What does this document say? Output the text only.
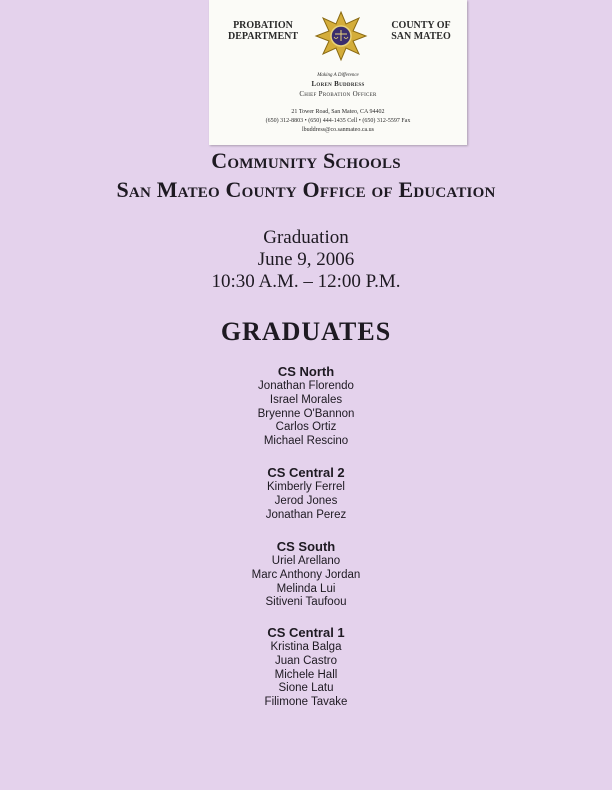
PROBATION
DEPARTMENT
COUNTY OF
SAN MATEO
Making A Difference
Loren Buddress
Chief Probation Officer
21 Tower Road, San Mateo, CA 94402
(650) 312-8803 • (650) 444-1435 Cell • (650) 312-5597 Fax
lbuddress@co.sanmateo.ca.us
Community Schools
San Mateo County Office of Education
Graduation
June 9, 2006
10:30 A.M. – 12:00 P.M.
GRADUATES
CS North
Jonathan Florendo
Israel Morales
Bryenne O'Bannon
Carlos Ortiz
Michael Rescino
CS Central 2
Kimberly Ferrel
Jerod Jones
Jonathan Perez
CS South
Uriel Arellano
Marc Anthony Jordan
Melinda Lui
Sitiveni Taufoou
CS Central 1
Kristina Balga
Juan Castro
Michele Hall
Sione Latu
Filimone Tavake
